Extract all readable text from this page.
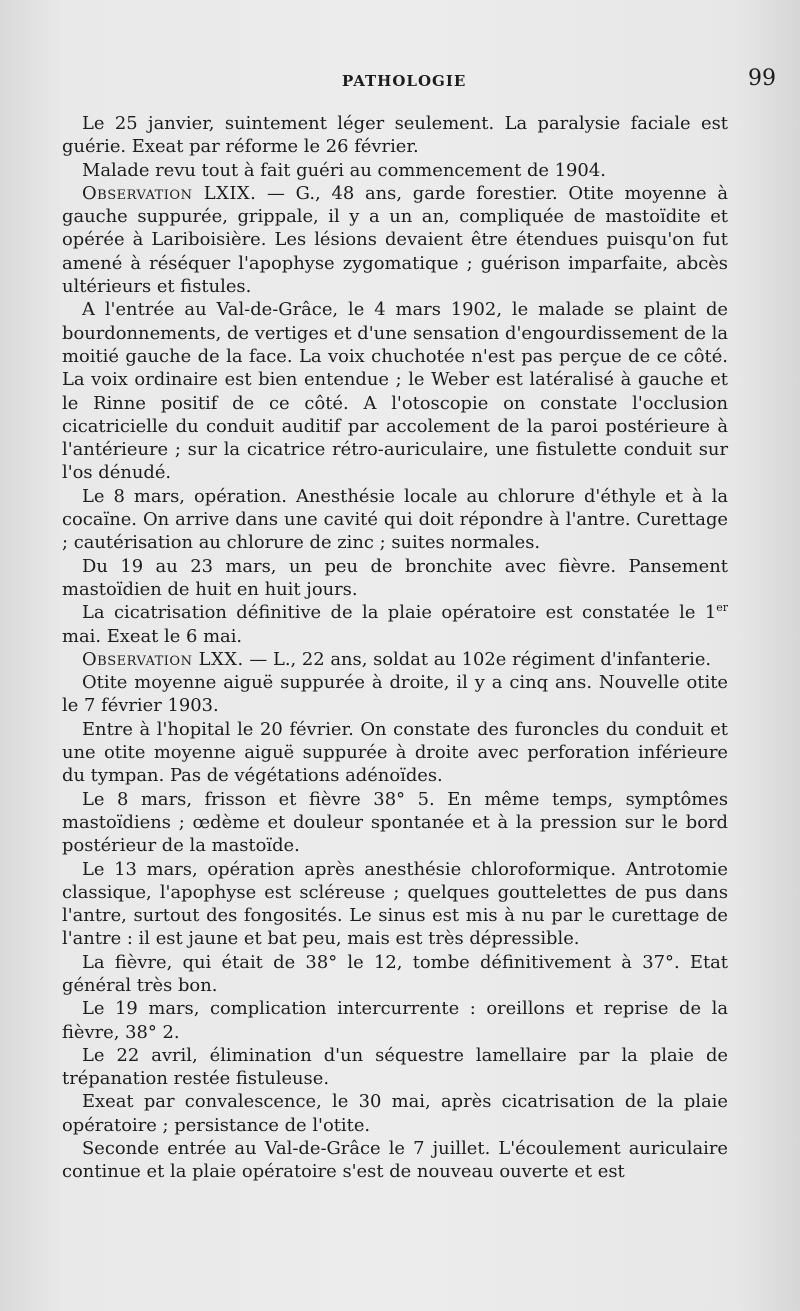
PATHOLOGIE	99

Le 25 janvier, suintement léger seulement. La paralysie faciale est guérie. Exeat par réforme le 26 février.

Malade revu tout à fait guéri au commencement de 1904.

Observation LXIX. — G., 48 ans, garde forestier. Otite moyenne à gauche suppurée, grippale, il y a un an, compliquée de mastoïdite et opérée à Lariboisière. Les lésions devaient être étendues puisqu'on fut amené à réséquer l'apophyse zygomatique ; guérison imparfaite, abcès ultérieurs et fistules.

A l'entrée au Val-de-Grâce, le 4 mars 1902, le malade se plaint de bourdonnements, de vertiges et d'une sensation d'engourdissement de la moitié gauche de la face. La voix chuchotée n'est pas perçue de ce côté. La voix ordinaire est bien entendue ; le Weber est latéralisé à gauche et le Rinne positif de ce côté. A l'otoscopie on constate l'occlusion cicatricielle du conduit auditif par accolement de la paroi postérieure à l'antérieure ; sur la cicatrice rétro-auriculaire, une fistulette conduit sur l'os dénudé.

Le 8 mars, opération. Anesthésie locale au chlorure d'éthyle et à la cocaïne. On arrive dans une cavité qui doit répondre à l'antre. Curettage ; cautérisation au chlorure de zinc ; suites normales.

Du 19 au 23 mars, un peu de bronchite avec fièvre. Pansement mastoïdien de huit en huit jours.

La cicatrisation définitive de la plaie opératoire est constatée le 1er mai. Exeat le 6 mai.

Observation LXX. — L., 22 ans, soldat au 102e régiment d'infanterie.

Otite moyenne aiguë suppurée à droite, il y a cinq ans. Nouvelle otite le 7 février 1903.

Entre à l'hopital le 20 février. On constate des furoncles du conduit et une otite moyenne aiguë suppurée à droite avec perforation inférieure du tympan. Pas de végétations adénoïdes.

Le 8 mars, frisson et fièvre 38° 5. En même temps, symptômes mastoïdiens ; œdème et douleur spontanée et à la pression sur le bord postérieur de la mastoïde.

Le 13 mars, opération après anesthésie chloroformique. Antrotomie classique, l'apophyse est scléreuse ; quelques gouttelettes de pus dans l'antre, surtout des fongosités. Le sinus est mis à nu par le curettage de l'antre : il est jaune et bat peu, mais est très dépressible.

La fièvre, qui était de 38° le 12, tombe définitivement à 37°. Etat général très bon.

Le 19 mars, complication intercurrente : oreillons et reprise de la fièvre, 38° 2.

Le 22 avril, élimination d'un séquestre lamellaire par la plaie de trépanation restée fistuleuse.

Exeat par convalescence, le 30 mai, après cicatrisation de la plaie opératoire ; persistance de l'otite.

Seconde entrée au Val-de-Grâce le 7 juillet. L'écoulement auriculaire continue et la plaie opératoire s'est de nouveau ouverte et est
